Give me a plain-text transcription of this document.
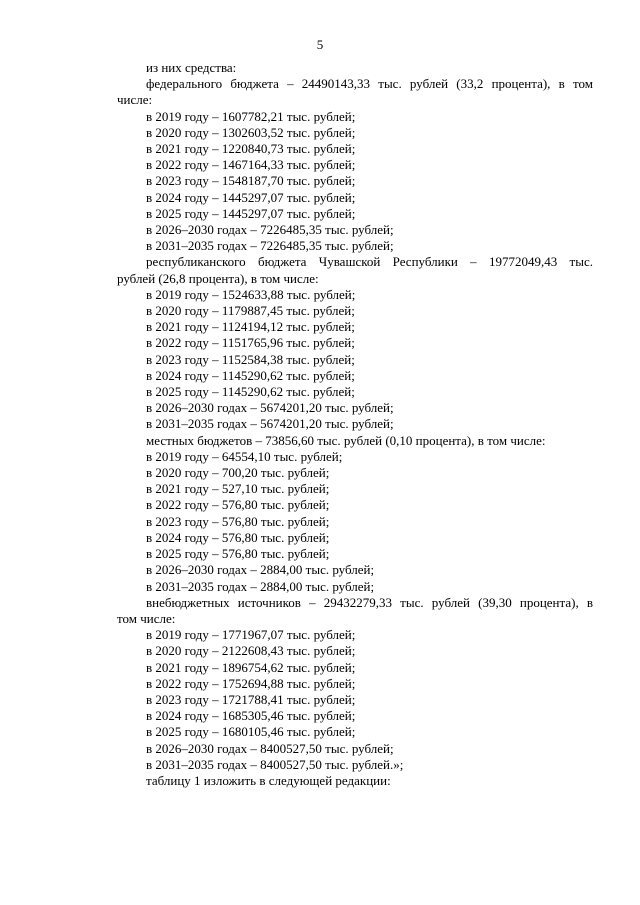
5

из них средства:

федерального бюджета – 24490143,33 тыс. рублей (33,2 процента), в том

числе:

в 2019 году – 1607782,21 тыс. рублей;

в 2020 году – 1302603,52 тыс. рублей;

в 2021 году – 1220840,73 тыс. рублей;

в 2022 году – 1467164,33 тыс. рублей;

в 2023 году – 1548187,70 тыс. рублей;

в 2024 году – 1445297,07 тыс. рублей;

в 2025 году – 1445297,07 тыс. рублей;

в 2026–2030 годах – 7226485,35 тыс. рублей;

в 2031–2035 годах – 7226485,35 тыс. рублей;

республиканского бюджета Чувашской Республики – 19772049,43 тыс.

рублей (26,8 процента), в том числе:

в 2019 году – 1524633,88 тыс. рублей;

в 2020 году – 1179887,45 тыс. рублей;

в 2021 году – 1124194,12 тыс. рублей;

в 2022 году – 1151765,96 тыс. рублей;

в 2023 году – 1152584,38 тыс. рублей;

в 2024 году – 1145290,62 тыс. рублей;

в 2025 году – 1145290,62 тыс. рублей;

в 2026–2030 годах – 5674201,20 тыс. рублей;

в 2031–2035 годах – 5674201,20 тыс. рублей;

местных бюджетов – 73856,60 тыс. рублей (0,10 процента), в том числе:

в 2019 году – 64554,10 тыс. рублей;

в 2020 году – 700,20 тыс. рублей;

в 2021 году – 527,10 тыс. рублей;

в 2022 году – 576,80 тыс. рублей;

в 2023 году – 576,80 тыс. рублей;

в 2024 году – 576,80 тыс. рублей;

в 2025 году – 576,80 тыс. рублей;

в 2026–2030 годах – 2884,00 тыс. рублей;

в 2031–2035 годах – 2884,00 тыс. рублей;

внебюджетных источников – 29432279,33 тыс. рублей (39,30 процента), в

том числе:

в 2019 году – 1771967,07 тыс. рублей;

в 2020 году – 2122608,43 тыс. рублей;

в 2021 году – 1896754,62 тыс. рублей;

в 2022 году – 1752694,88 тыс. рублей;

в 2023 году – 1721788,41 тыс. рублей;

в 2024 году – 1685305,46 тыс. рублей;

в 2025 году – 1680105,46 тыс. рублей;

в 2026–2030 годах – 8400527,50 тыс. рублей;

в 2031–2035 годах – 8400527,50 тыс. рублей.»;

таблицу 1 изложить в следующей редакции:
